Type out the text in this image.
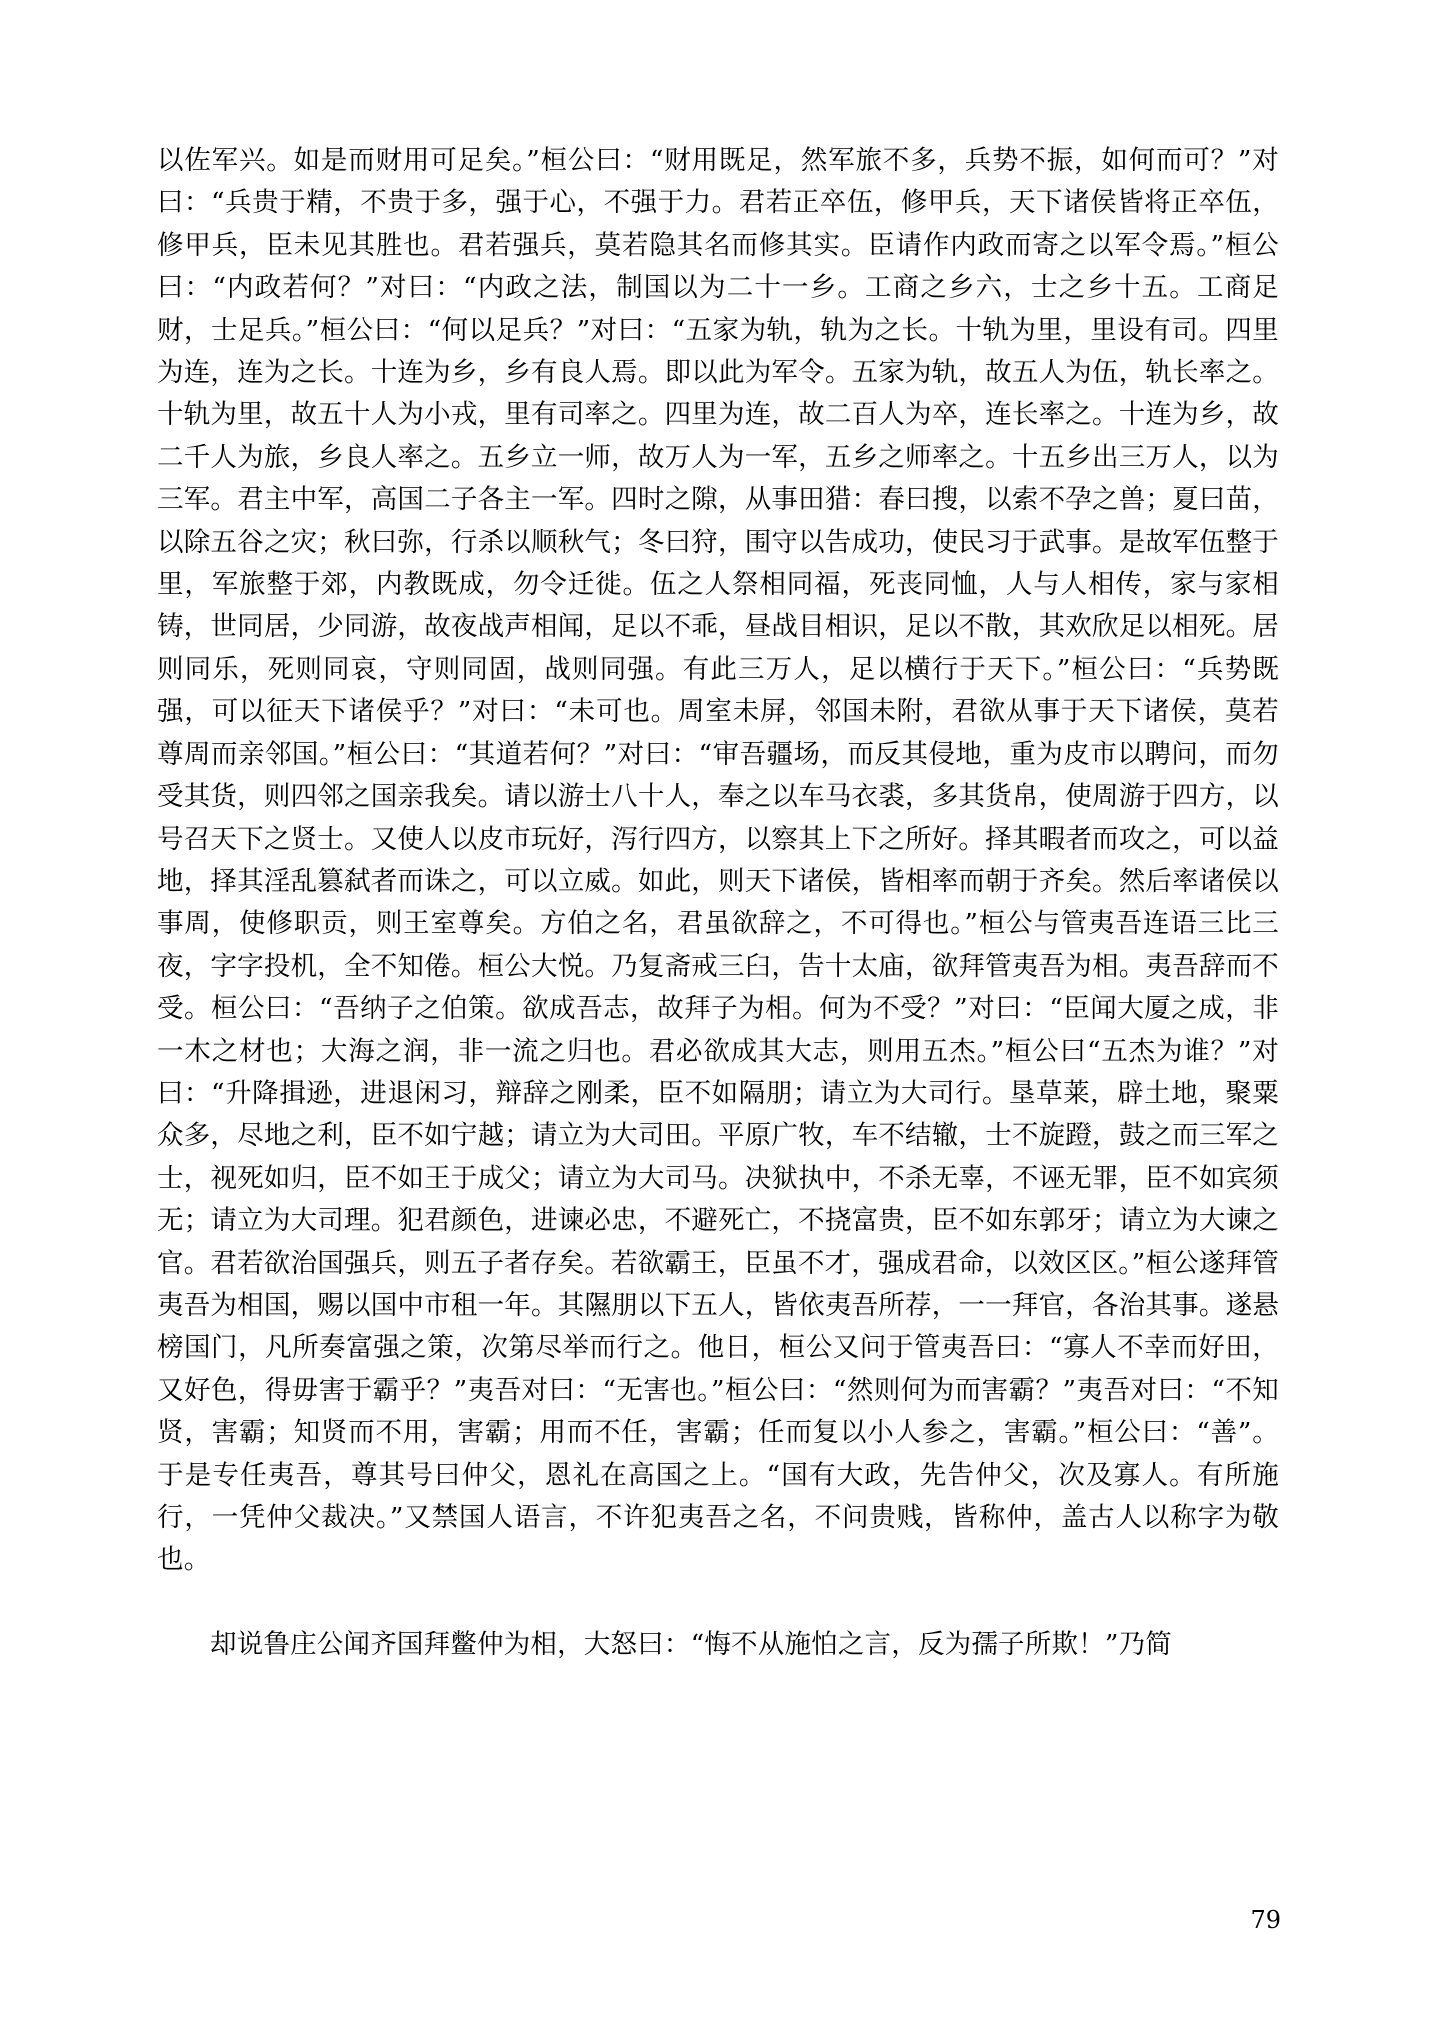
以佐军兴。如是而财用可足矣。”桓公曰：“财用既足，然军旅不多，兵势不振，如何而可？”对曰：“兵贵于精，不贵于多，强于心，不强于力。君若正卒伍，修甲兵，天下诸侯皆将正卒伍，修甲兵，臣未见其胜也。君若强兵，莫若隐其名而修其实。臣请作内政而寄之以军令焉。”桓公曰：“内政若何？”对曰：“内政之法，制国以为二十一乡。工商之乡六，士之乡十五。工商足财，士足兵。”桓公曰：“何以足兵？”对曰：“五家为轨，轨为之长。十轨为里，里设有司。四里为连，连为之长。十连为乡，乡有良人焉。即以此为军令。五家为轨，故五人为伍，轨长率之。十轨为里，故五十人为小戎，里有司率之。四里为连，故二百人为卒，连长率之。十连为乡，故二千人为旅，乡良人率之。五乡立一师，故万人为一军，五乡之师率之。十五乡出三万人，以为三军。君主中军，高国二子各主一军。四时之隙，从事田猎：春曰搜，以索不孕之兽；夏曰苗，以除五谷之灾；秋曰弥，行杀以顺秋气；冬曰狩，围守以告成功，使民习于武事。是故军伍整于里，军旅整于郊，内教既成，勿令迁徙。伍之人祭相同福，死丧同恤，人与人相传，家与家相铸，世同居，少同游，故夜战声相闻，足以不乖，昼战目相识，足以不散，其欢欣足以相死。居则同乐，死则同哀，守则同固，战则同强。有此三万人，足以横行于天下。”桓公曰：“兵势既强，可以征天下诸侯乎？”对曰：“未可也。周室未屏，邻国未附，君欲从事于天下诸侯，莫若尊周而亲邻国。”桓公曰：“其道若何？”对曰：“审吾疆场，而反其侵地，重为皮市以聘问，而勿受其货，则四邻之国亲我矣。请以游士八十人，奉之以车马衣裘，多其货帛，使周游于四方，以号召天下之贤士。又使人以皮市玩好，泻行四方，以察其上下之所好。择其暇者而攻之，可以益地，择其淫乱篡弑者而诛之，可以立威。如此，则天下诸侯，皆相率而朝于齐矣。然后率诸侯以事周，使修职贡，则王室尊矣。方伯之名，君虽欲辞之，不可得也。”桓公与管夷吾连语三比三夜，字字投机，全不知倦。桓公大悦。乃复斋戒三臼，告十太庙，欲拜管夷吾为相。夷吾辞而不受。桓公曰：“吾纳子之伯策。欲成吾志，故拜子为相。何为不受？”对曰：“臣闻大厦之成，非一木之材也；大海之润，非一流之归也。君必欲成其大志，则用五杰。”桓公曰“五杰为谁？”对曰：“升降揖逊，进退闲习，辩辞之刚柔，臣不如隔朋；请立为大司行。垦草莱，辟土地，聚粟众多，尽地之利，臣不如宁越；请立为大司田。平原广牧，车不结辙，士不旋蹬，鼓之而三军之士，视死如归，臣不如王于成父；请立为大司马。决狱执中，不杀无辜，不诬无罪，臣不如宾须无；请立为大司理。犯君颜色，进谏必忠，不避死亡，不挠富贵，臣不如东郭牙；请立为大谏之官。君若欲治国强兵，则五子者存矣。若欲霸王，臣虽不才，强成君命，以效区区。”桓公遂拜管夷吾为相国，赐以国中市租一年。其隰朋以下五人，皆依夷吾所荐，一一拜官，各治其事。遂悬榜国门，凡所奏富强之策，次第尽举而行之。他日，桓公又问于管夷吾曰：“寡人不幸而好田，又好色，得毋害于霸乎？”夷吾对曰：“无害也。”桓公曰：“然则何为而害霸？”夷吾对曰：“不知贤，害霸；知贤而不用，害霸；用而不任，害霸；任而复以小人参之，害霸。”桓公曰：“善”。于是专任夷吾，尊其号曰仲父，恩礼在高国之上。“国有大政，先告仲父，次及寡人。有所施行，一凭仲父裁决。”又禁国人语言，不许犯夷吾之名，不问贵贱，皆称仲，盖古人以称字为敬也。

却说鲁庄公闻齐国拜鳖仲为相，大怒曰：“悔不从施怕之言，反为孺子所欺！”乃简

79
